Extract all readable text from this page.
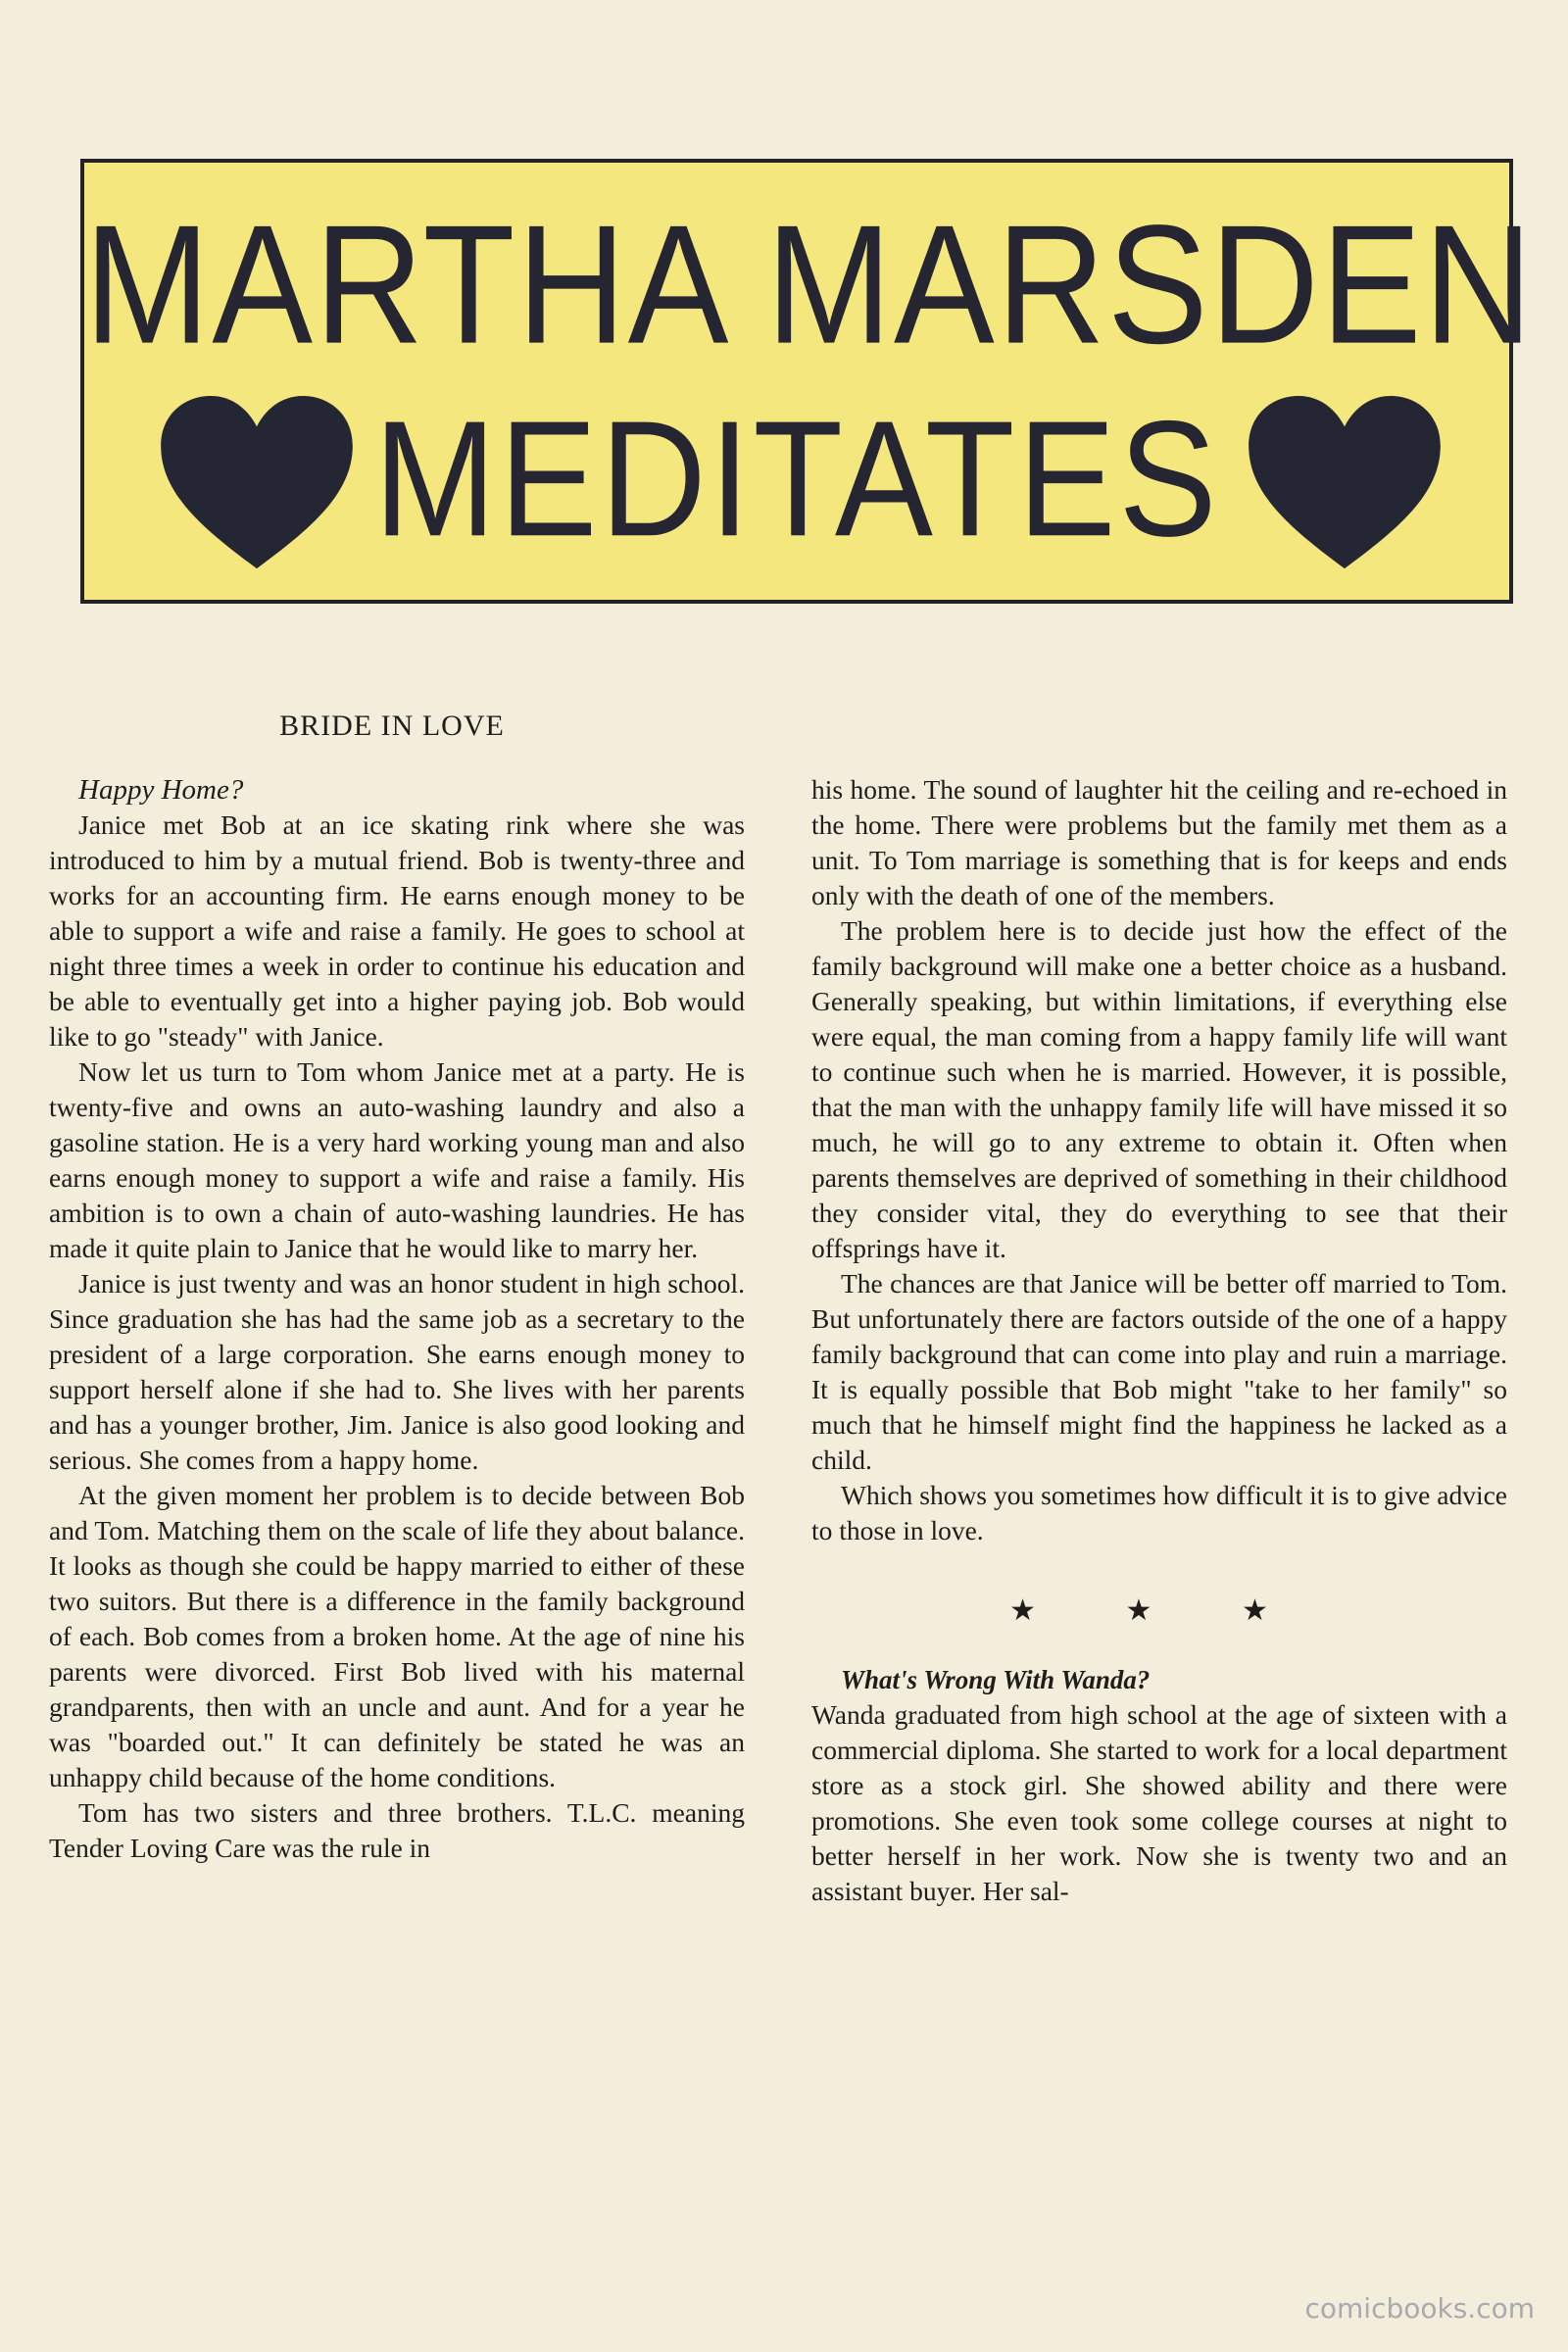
MARTHA MARSDEN
MEDITATES
BRIDE IN LOVE

Happy Home?

Janice met Bob at an ice skating rink where she was introduced to him by a mutual friend. Bob is twenty-three and works for an accounting firm. He earns enough money to be able to support a wife and raise a family. He goes to school at night three times a week in order to continue his education and be able to eventually get into a higher paying job. Bob would like to go "steady" with Janice.

Now let us turn to Tom whom Janice met at a party. He is twenty-five and owns an auto-washing laundry and also a gasoline station. He is a very hard working young man and also earns enough money to support a wife and raise a family. His ambition is to own a chain of auto-washing laundries. He has made it quite plain to Janice that he would like to marry her.

Janice is just twenty and was an honor student in high school. Since graduation she has had the same job as a secretary to the president of a large corporation. She earns enough money to support herself alone if she had to. She lives with her parents and has a younger brother, Jim. Janice is also good looking and serious. She comes from a happy home.

At the given moment her problem is to decide between Bob and Tom. Matching them on the scale of life they about balance. It looks as though she could be happy married to either of these two suitors. But there is a difference in the family background of each. Bob comes from a broken home. At the age of nine his parents were divorced. First Bob lived with his maternal grandparents, then with an uncle and aunt. And for a year he was "boarded out." It can definitely be stated he was an unhappy child because of the home conditions.

Tom has two sisters and three brothers. T.L.C. meaning Tender Loving Care was the rule in

his home. The sound of laughter hit the ceiling and re-echoed in the home. There were problems but the family met them as a unit. To Tom marriage is something that is for keeps and ends only with the death of one of the members.

The problem here is to decide just how the effect of the family background will make one a better choice as a husband. Generally speaking, but within limitations, if everything else were equal, the man coming from a happy family life will want to continue such when he is married. However, it is possible, that the man with the unhappy family life will have missed it so much, he will go to any extreme to obtain it. Often when parents themselves are deprived of something in their childhood they consider vital, they do everything to see that their offsprings have it.

The chances are that Janice will be better off married to Tom. But unfortunately there are factors outside of the one of a happy family background that can come into play and ruin a marriage. It is equally possible that Bob might "take to her family" so much that he himself might find the happiness he lacked as a child.

Which shows you sometimes how difficult it is to give advice to those in love.

★ ★ ★

What's Wrong With Wanda?

Wanda graduated from high school at the age of sixteen with a commercial diploma. She started to work for a local department store as a stock girl. She showed ability and there were promotions. She even took some college courses at night to better herself in her work. Now she is twenty two and an assistant buyer. Her sal-

comicbooks.com
